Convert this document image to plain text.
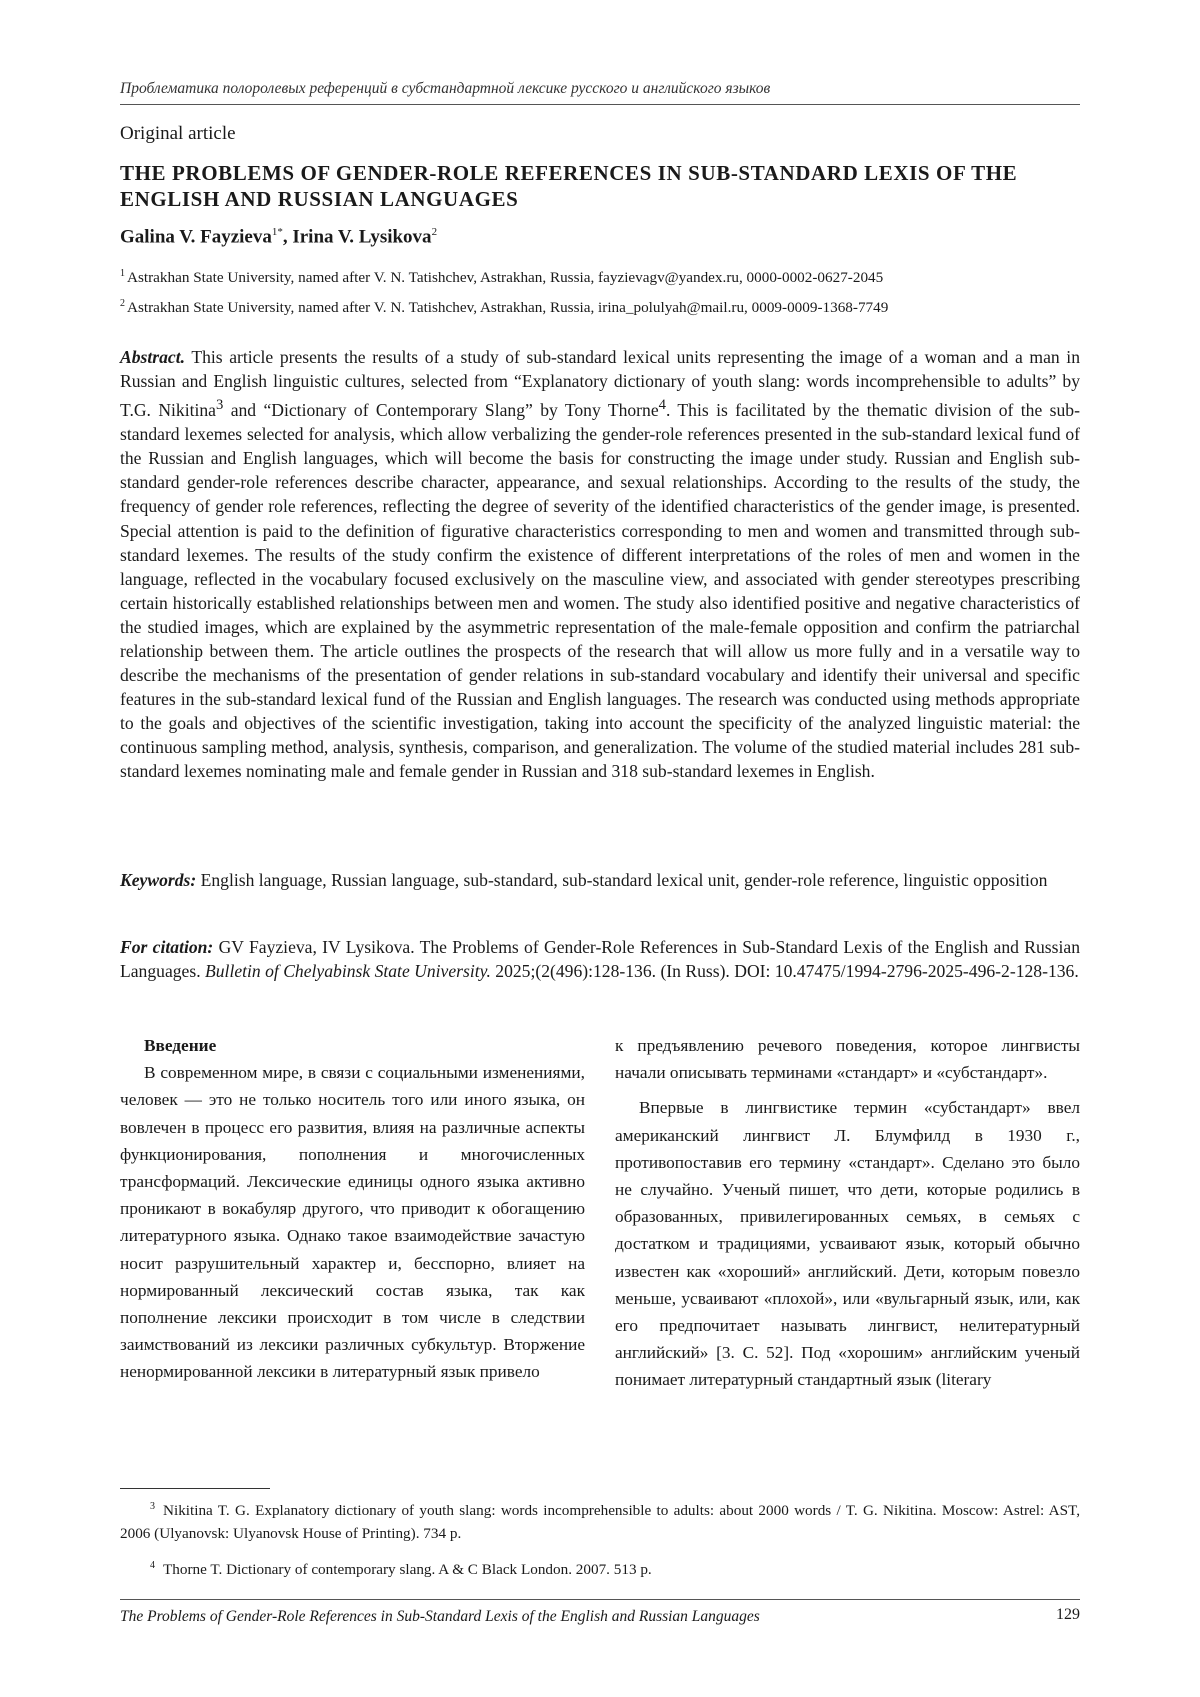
Проблематика полоролевых референций в субстандартной лексике русского и английского языков
Original article
THE PROBLEMS OF GENDER-ROLE REFERENCES IN SUB-STANDARD LEXIS OF THE ENGLISH AND RUSSIAN LANGUAGES
Galina V. Fayzieva$^{1*}$, Irina V. Lysikova$^2$
$^1$ Astrakhan State University, named after V. N. Tatishchev, Astrakhan, Russia, fayzievagv@yandex.ru, 0000-0002-0627-2045
$^2$ Astrakhan State University, named after V. N. Tatishchev, Astrakhan, Russia, irina_polulyah@mail.ru, 0009-0009-1368-7749

Abstract. This article presents the results of a study of sub-standard lexical units representing the image of a woman and a man in Russian and English linguistic cultures, selected from “Explanatory dictionary of youth slang: words incomprehensible to adults” by T.G. Nikitina$^3$ and “Dictionary of Contemporary Slang” by Tony Thorne$^4$. This is facilitated by the thematic division of the sub-standard lexemes selected for analysis, which allow verbalizing the gender-role references presented in the sub-standard lexical fund of the Russian and English languages, which will become the basis for constructing the image under study. Russian and English sub-standard gender-role references describe character, appearance, and sexual relationships. According to the results of the study, the frequency of gender role references, reflecting the degree of severity of the identified characteristics of the gender image, is presented. Special attention is paid to the definition of figurative characteristics corresponding to men and women and transmitted through sub-standard lexemes. The results of the study confirm the existence of different interpretations of the roles of men and women in the language, reflected in the vocabulary focused exclusively on the masculine view, and associated with gender stereotypes prescribing certain historically established relationships between men and women. The study also identified positive and negative characteristics of the studied images, which are explained by the asymmetric representation of the male-female opposition and confirm the patriarchal relationship between them. The article outlines the prospects of the research that will allow us more fully and in a versatile way to describe the mechanisms of the presentation of gender relations in sub-standard vocabulary and identify their universal and specific features in the sub-standard lexical fund of the Russian and English languages. The research was conducted using methods appropriate to the goals and objectives of the scientific investigation, taking into account the specificity of the analyzed linguistic material: the continuous sampling method, analysis, synthesis, comparison, and generalization. The volume of the studied material includes 281 sub-standard lexemes nominating male and female gender in Russian and 318 sub-standard lexemes in English.

Keywords: English language, Russian language, sub-standard, sub-standard lexical unit, gender-role reference, linguistic opposition

For citation: GV Fayzieva, IV Lysikova. The Problems of Gender-Role References in Sub-Standard Lexis of the English and Russian Languages. Bulletin of Chelyabinsk State University. 2025;(2(496):128-136. (In Russ). DOI: 10.47475/1994-2796-2025-496-2-128-136.

Введение

В современном мире, в связи с социальными изменениями, человек — это не только носитель того или иного языка, он вовлечен в процесс его развития, влияя на различные аспекты функционирования, пополнения и многочисленных трансформаций. Лексические единицы одного языка активно проникают в вокабуляр другого, что приводит к обогащению литературного языка. Однако такое взаимодействие зачастую носит разрушительный характер и, бесспорно, влияет на нормированный лексический состав языка, так как пополнение лексики происходит в том числе в следствии заимствований из лексики различных субкультур. Вторжение ненормированной лексики в литературный язык привело

к предъявлению речевого поведения, которое лингвисты начали описывать терминами «стандарт» и «субстандарт».

Впервые в лингвистике термин «субстандарт» ввел американский лингвист Л. Блумфилд в 1930 г., противопоставив его термину «стандарт». Сделано это было не случайно. Ученый пишет, что дети, которые родились в образованных, привилегированных семьях, в семьях с достатком и традициями, усваивают язык, который обычно известен как «хороший» английский. Дети, которым повезло меньше, усваивают «плохой», или «вульгарный язык, или, как его предпочитает называть лингвист, нелитературный английский» [3. С. 52]. Под «хорошим» английским ученый понимает литературный стандартный язык (literary

$^3$ Nikitina T. G. Explanatory dictionary of youth slang: words incomprehensible to adults: about 2000 words / T. G. Nikitina. Moscow: Astrel: AST, 2006 (Ulyanovsk: Ulyanovsk House of Printing). 734 p.

$^4$ Thorne T. Dictionary of contemporary slang. A & C Black London. 2007. 513 p.

The Problems of Gender-Role References in Sub-Standard Lexis of the English and Russian Languages	129
